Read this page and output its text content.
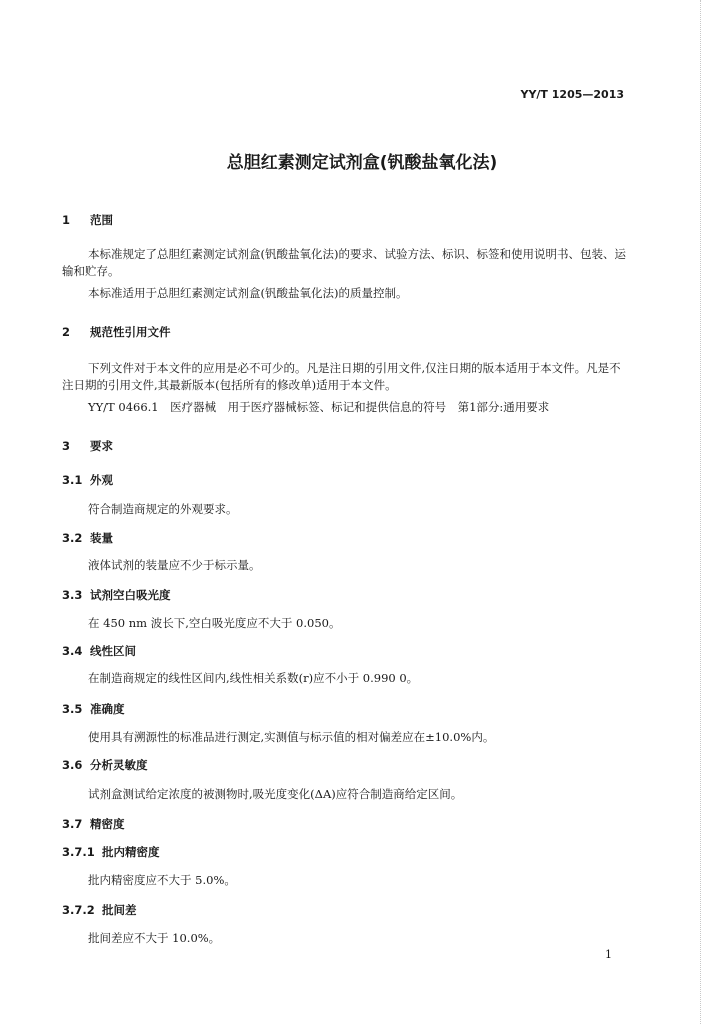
YY/T 1205—2013
总胆红素测定试剂盒(钒酸盐氧化法)
1 范围
本标准规定了总胆红素测定试剂盒(钒酸盐氧化法)的要求、试验方法、标识、标签和使用说明书、包装、运输和贮存。
本标准适用于总胆红素测定试剂盒(钒酸盐氧化法)的质量控制。
2 规范性引用文件
下列文件对于本文件的应用是必不可少的。凡是注日期的引用文件,仅注日期的版本适用于本文件。凡是不注日期的引用文件,其最新版本(包括所有的修改单)适用于本文件。
YY/T 0466.1　医疗器械　用于医疗器械标签、标记和提供信息的符号　第1部分:通用要求
3 要求
3.1 外观
符合制造商规定的外观要求。
3.2 装量
液体试剂的装量应不少于标示量。
3.3 试剂空白吸光度
在 450 nm 波长下,空白吸光度应不大于 0.050。
3.4 线性区间
在制造商规定的线性区间内,线性相关系数(r)应不小于 0.990 0。
3.5 准确度
使用具有溯源性的标准品进行测定,实测值与标示值的相对偏差应在±10.0%内。
3.6 分析灵敏度
试剂盒测试给定浓度的被测物时,吸光度变化(ΔA)应符合制造商给定区间。
3.7 精密度
3.7.1 批内精密度
批内精密度应不大于 5.0%。
3.7.2 批间差
批间差应不大于 10.0%。
1
